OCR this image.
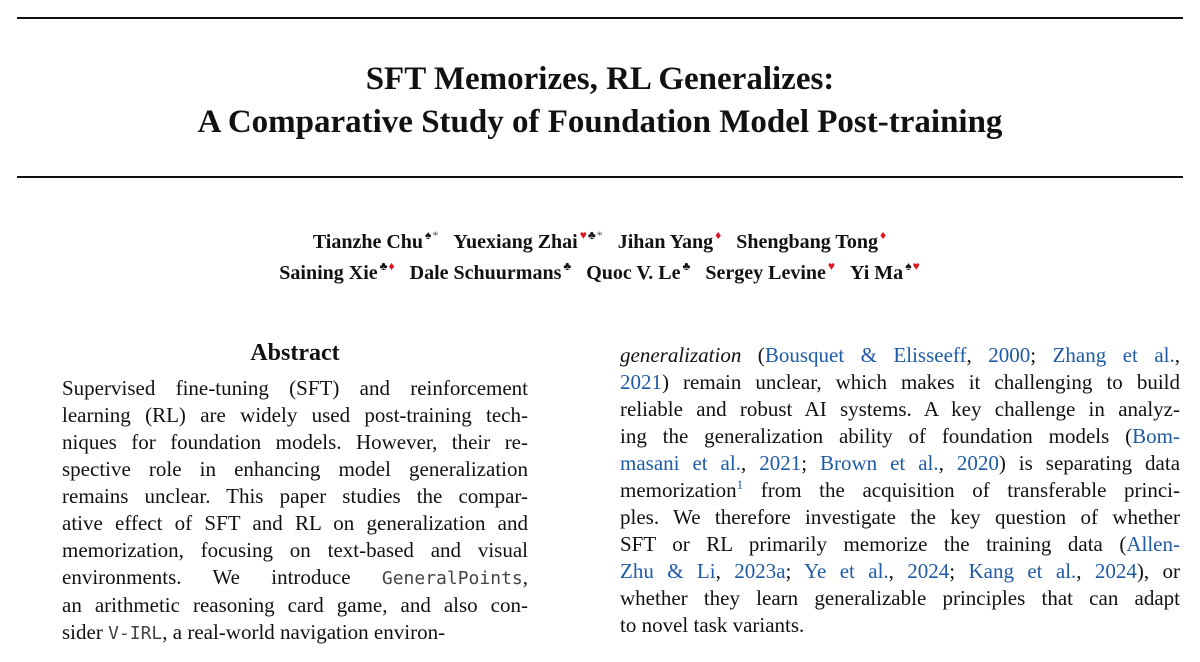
SFT Memorizes, RL Generalizes:
A Comparative Study of Foundation Model Post-training
Tianzhe Chu ♠* Yuexiang Zhai ♥♣* Jihan Yang ♦ Shengbang Tong ♦
Saining Xie ♣♦ Dale Schuurmans ♣ Quoc V. Le ♣ Sergey Levine ♥ Yi Ma ♠♥
Abstract
Supervised fine-tuning (SFT) and reinforcement
learning (RL) are widely used post-training tech-
niques for foundation models. However, their re-
spective role in enhancing model generalization
remains unclear. This paper studies the compar-
ative effect of SFT and RL on generalization and
memorization, focusing on text-based and visual
environments. We introduce GeneralPoints,
an arithmetic reasoning card game, and also con-
sider V-IRL, a real-world navigation environ-
generalization (Bousquet & Elisseeff, 2000; Zhang et al.,
2021) remain unclear, which makes it challenging to build
reliable and robust AI systems. A key challenge in analyz-
ing the generalization ability of foundation models (Bom-
masani et al., 2021; Brown et al., 2020) is separating data
memorization$^1$ from the acquisition of transferable princi-
ples. We therefore investigate the key question of whether
SFT or RL primarily memorize the training data (Allen-
Zhu & Li, 2023a; Ye et al., 2024; Kang et al., 2024), or
whether they learn generalizable principles that can adapt
to novel task variants.
